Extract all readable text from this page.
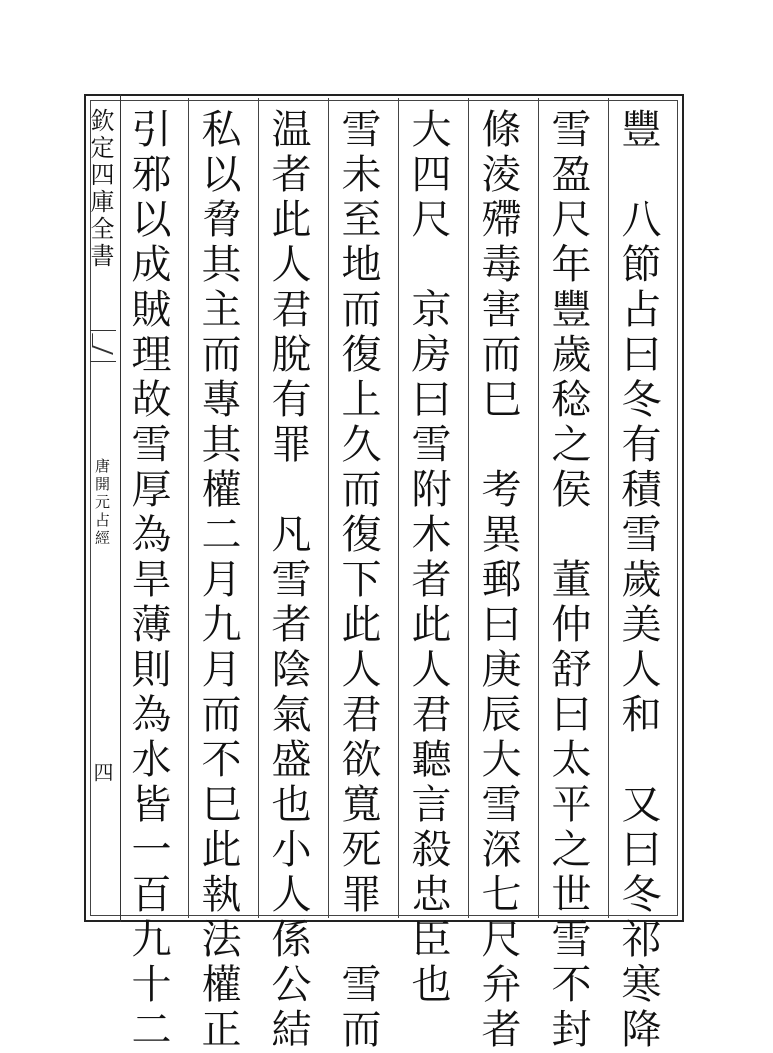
欽定四庫全書
唐開元占經
四	豐　八節占曰冬有積雪歲美人和　又曰冬祁寒降
雪盈尺年豐歲稔之侯　董仲舒曰太平之世雪不封
條淩殢毒害而巳　考異郵曰庚辰大雪深七尺弁者
大四尺　京房曰雪附木者此人君聽言殺忠臣也
雪未至地而復上久而復下此人君欲寬死罪　雪而
温者此人君脫有罪　凡雪者陰氣盛也小人係公結
私以脅其主而專其權二月九月而不巳此執法權正
引邪以成賊理故雪厚為旱薄則為水皆一百九十二
